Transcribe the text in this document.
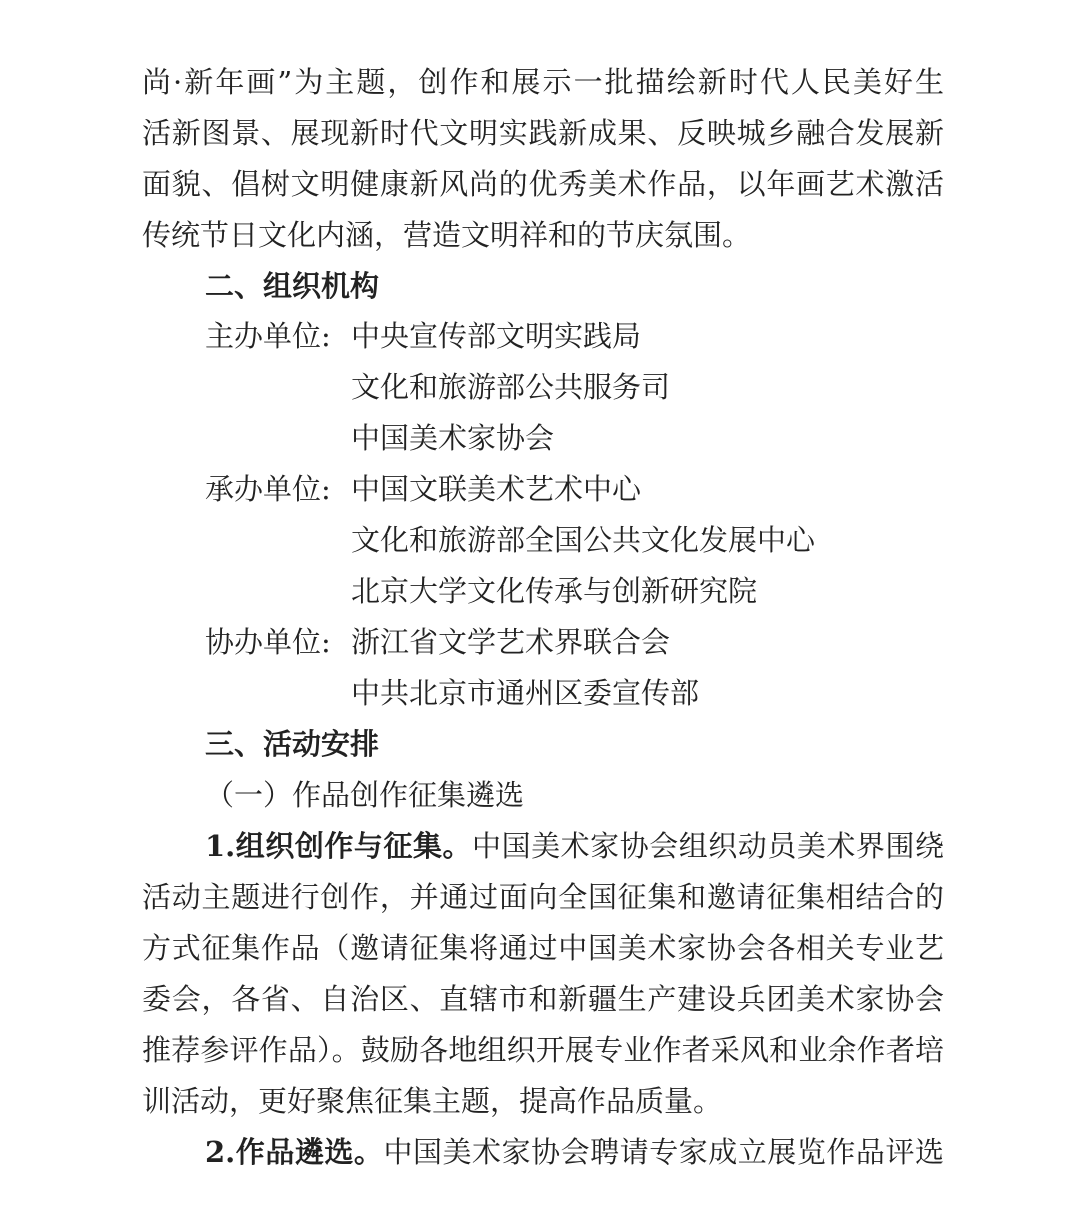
尚·新年画”为主题，创作和展示一批描绘新时代人民美好生
活新图景、展现新时代文明实践新成果、反映城乡融合发展新
面貌、倡树文明健康新风尚的优秀美术作品，以年画艺术激活
传统节日文化内涵，营造文明祥和的节庆氛围。
二、组织机构
主办单位: 中央宣传部文明实践局
文化和旅游部公共服务司
中国美术家协会
承办单位: 中国文联美术艺术中心
文化和旅游部全国公共文化发展中心
北京大学文化传承与创新研究院
协办单位: 浙江省文学艺术界联合会
中共北京市通州区委宣传部
三、活动安排
（一）作品创作征集遴选
1.组织创作与征集。中国美术家协会组织动员美术界围绕
活动主题进行创作，并通过面向全国征集和邀请征集相结合的
方式征集作品（邀请征集将通过中国美术家协会各相关专业艺
委会，各省、自治区、直辖市和新疆生产建设兵团美术家协会
推荐参评作品）。鼓励各地组织开展专业作者采风和业余作者培
训活动，更好聚焦征集主题，提高作品质量。
2.作品遴选。中国美术家协会聘请专家成立展览作品评选
